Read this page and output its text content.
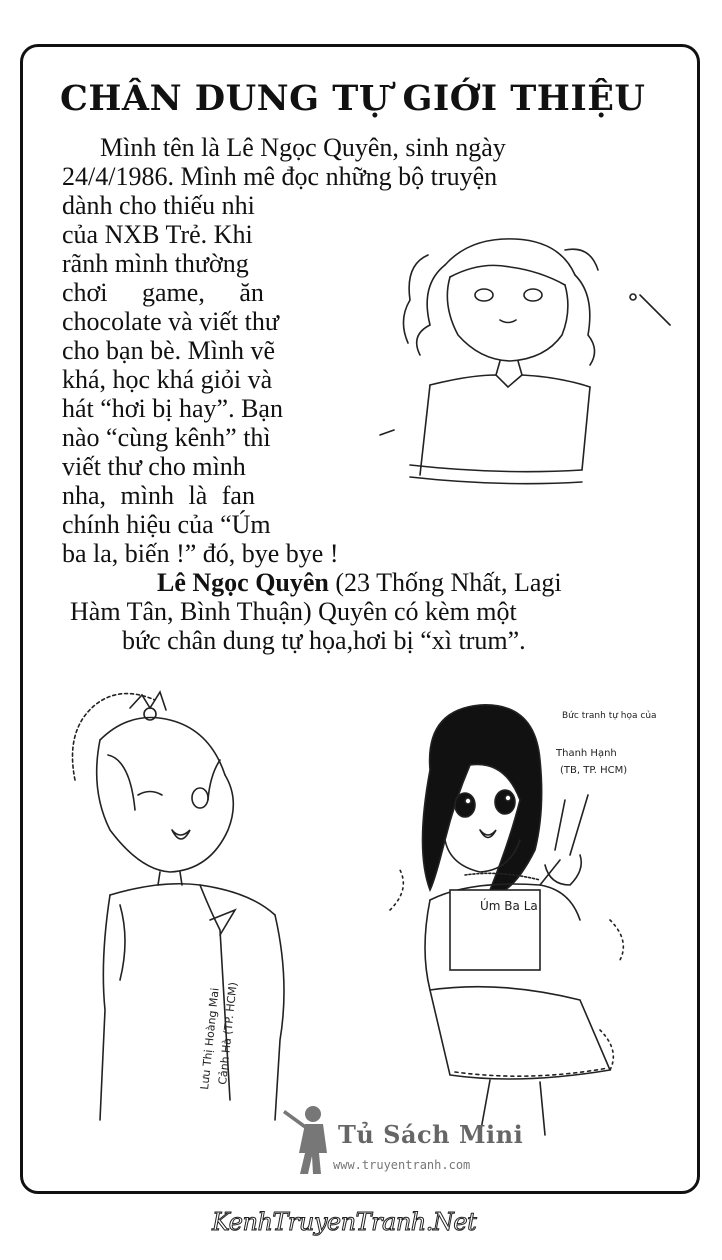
CHÂN DUNG TỰ GIỚI THIỆU
Mình tên là Lê Ngọc Quyên, sinh ngày
24/4/1986. Mình mê đọc những bộ truyện
dành cho thiếu nhi
của NXB Trẻ. Khi
rãnh mình thường
chơi game, ăn
chocolate và viết thư
cho bạn bè. Mình vẽ
khá, học khá giỏi và
hát “hơi bị hay”. Bạn
nào “cùng kênh” thì
viết thư cho mình
nha, mình là fan
chính hiệu của “Úm
ba la, biến !” đó, bye bye !
Lê Ngọc Quyên (23 Thống Nhất, Lagi
Hàm Tân, Bình Thuận) Quyên có kèm một
bức chân dung tự họa,hơi bị “xì trum”.
Lưu Thị Hoàng Mai
Cảnh Hà (TP. HCM)
Úm Ba La
Bức tranh tự họa của
Thanh Hạnh
(TB, TP. HCM)
Tủ Sách Mini
www.truyentranh.com
KenhTruyenTranh.Net
